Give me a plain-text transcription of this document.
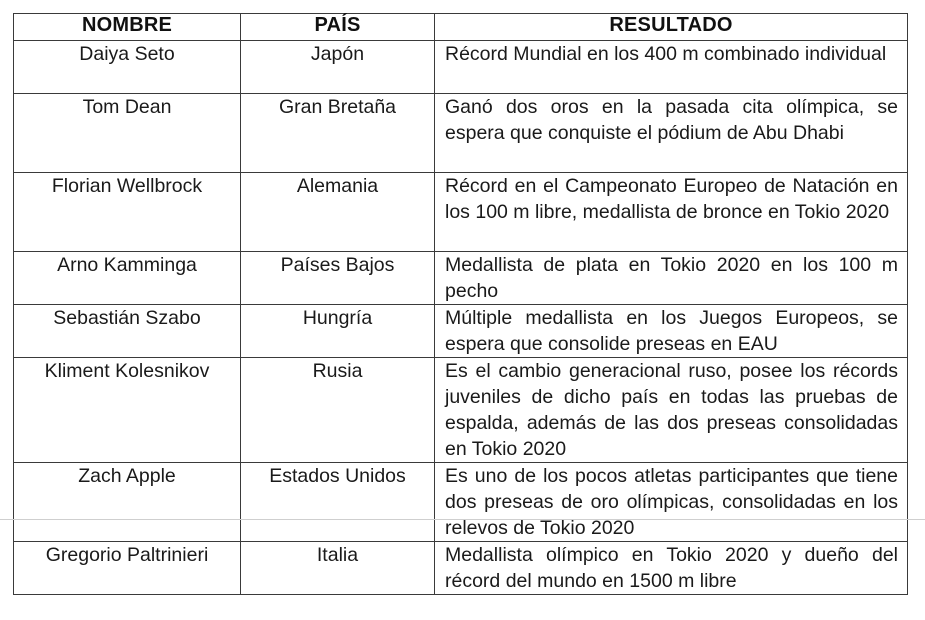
NOMBRE	PAÍS	RESULTADO
Daiya Seto	Japón	Récord Mundial en los 400 m combinado individual
Tom Dean	Gran Bretaña	Ganó dos oros en la pasada cita olímpica, se espera que conquiste el pódium de Abu Dhabi
Florian Wellbrock	Alemania	Récord en el Campeonato Europeo de Natación en los 100 m libre, medallista de bronce en Tokio 2020
Arno Kamminga	Países Bajos	Medallista de plata en Tokio 2020 en los 100 m pecho
Sebastián Szabo	Hungría	Múltiple medallista en los Juegos Europeos, se espera que consolide preseas en EAU
Kliment Kolesnikov	Rusia	Es el cambio generacional ruso, posee los récords juveniles de dicho país en todas las pruebas de espalda, además de las dos preseas consolidadas en Tokio 2020
Zach Apple	Estados Unidos	Es uno de los pocos atletas participantes que tiene dos preseas de oro olímpicas, consolidadas en los relevos de Tokio 2020
Gregorio Paltrinieri	Italia	Medallista olímpico en Tokio 2020 y dueño del récord del mundo en 1500 m libre
